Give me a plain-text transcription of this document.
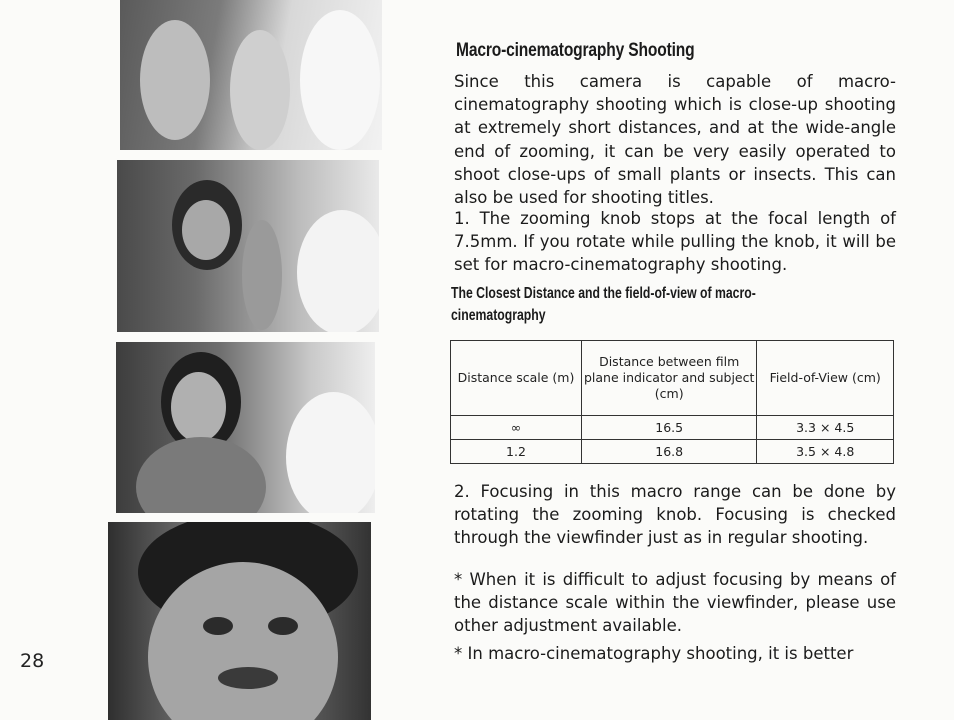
28
Macro-cinematography Shooting

Since this camera is capable of macro-cinematography shooting which is close-up shooting at extremely short distances, and at the wide-angle end of zooming, it can be very easily operated to shoot close-ups of small plants or insects. This can also be used for shooting titles.

1. The zooming knob stops at the focal length of 7.5mm. If you rotate while pulling the knob, it will be set for macro-cinematography shooting.

The Closest Distance and the field-of-view of macro-
cinematography
Distance scale (m)	Distance between film plane indicator and subject (cm)	Field-of-View (cm)
∞	16.5	3.3 × 4.5
1.2	16.8	3.5 × 4.8

2. Focusing in this macro range can be done by rotating the zooming knob. Focusing is checked through the viewfinder just as in regular shooting.

* When it is difficult to adjust focusing by means of the distance scale within the viewfinder, please use other adjustment available.

* In macro-cinematography shooting, it is better
